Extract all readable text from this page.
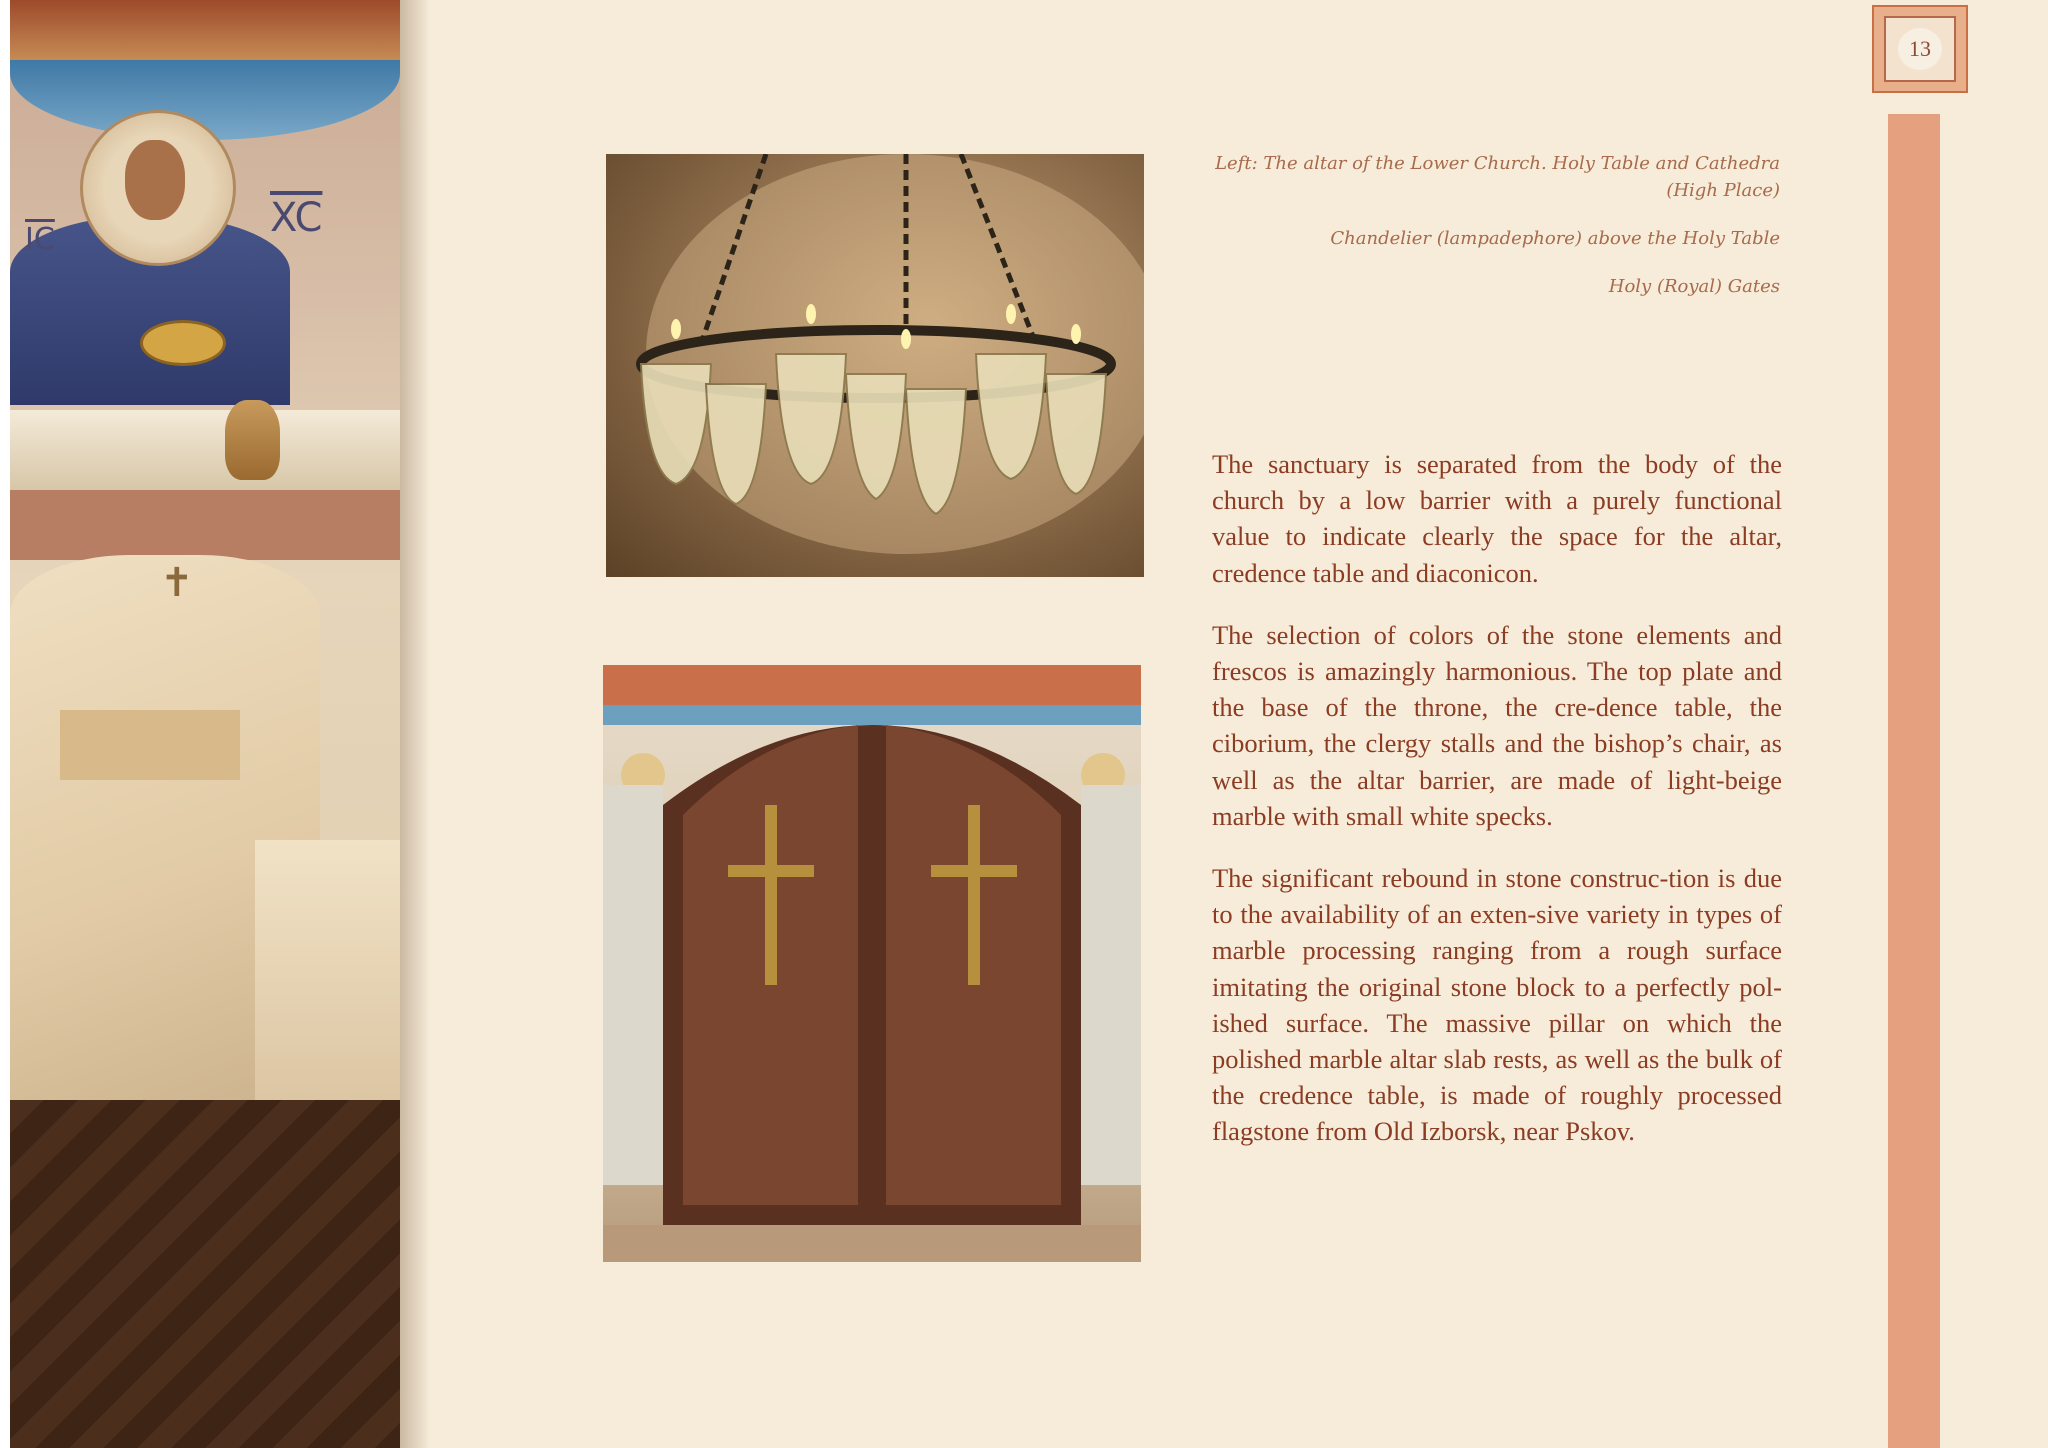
$\overline{IC}$	$\overline{XC}$
✝

Left: The altar of the Lower Church. Holy Table and Cathedra (High Place)

Chandelier (lampadephore) above the Holy Table

Holy (Royal) Gates

The sanctuary is separated from the body of the church by a low barrier with a purely functional value to indicate clearly the space for the altar, credence table and diaconicon.

The selection of colors of the stone elements and frescos is amazingly harmonious. The top plate and the base of the throne, the cre-dence table, the ciborium, the clergy stalls and the bishop’s chair, as well as the altar barrier, are made of light-beige marble with small white specks.

The significant rebound in stone construc-tion is due to the availability of an exten-sive variety in types of marble processing ranging from a rough surface imitating the original stone block to a perfectly pol-ished surface. The massive pillar on which the polished marble altar slab rests, as well as the bulk of the credence table, is made of roughly processed flagstone from Old Izborsk, near Pskov.

13
